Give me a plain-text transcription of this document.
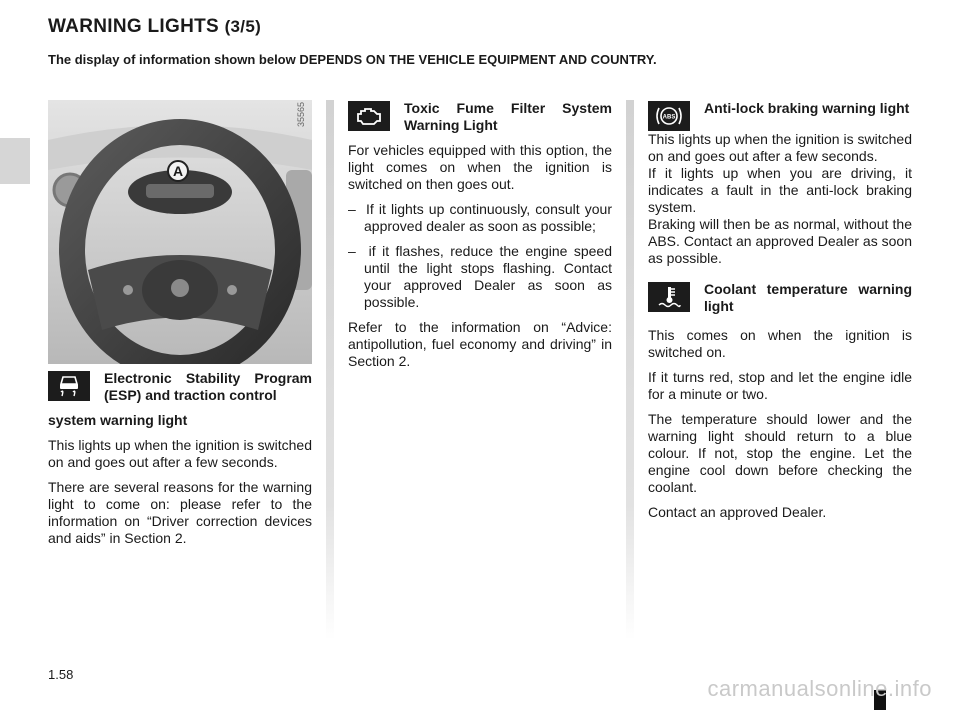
WARNING LIGHTS (3/5)

The display of information shown below DEPENDS ON THE VEHICLE EQUIPMENT AND COUNTRY.

A
35565
Electronic Stability Program (ESP) and traction control

system warning light

This lights up when the ignition is switched on and goes out after a few seconds.

There are several reasons for the warning light to come on: please refer to the information on “Driver correction devices and aids” in Section 2.

Toxic Fume Filter System Warning Light

For vehicles equipped with this option, the light comes on when the ignition is switched on then goes out.

–  If it lights up continuously, consult your approved dealer as soon as possible;

–  if it flashes, reduce the engine speed until the light stops flashing. Contact your approved Dealer as soon as possible.

Refer to the information on “Advice: antipollution, fuel economy and driving” in Section 2.

ABS
Anti-lock braking warning light

This lights up when the ignition is switched on and goes out after a few seconds.

If it lights up when you are driving, it indicates a fault in the anti-lock braking system.

Braking will then be as normal, without the ABS. Contact an approved Dealer as soon as possible.

Coolant temperature warning light

This comes on when the ignition is switched on.

If it turns red, stop and let the engine idle for a minute or two.

The temperature should lower and the warning light should return to a blue colour. If not, stop the engine. Let the engine cool down before checking the coolant.

Contact an approved Dealer.

1.58
carmanualsonline.info
